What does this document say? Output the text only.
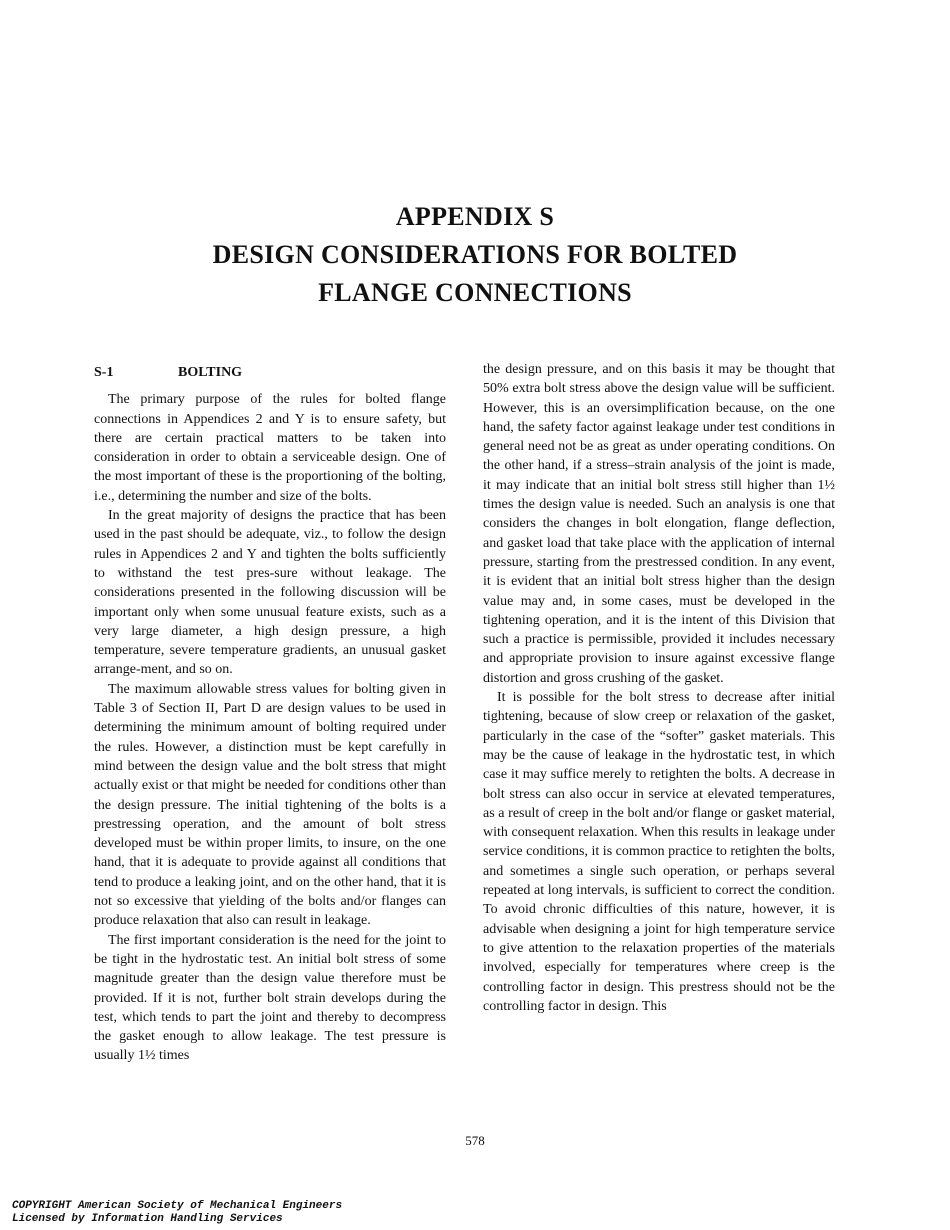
APPENDIX S
DESIGN CONSIDERATIONS FOR BOLTED
FLANGE CONNECTIONS
S-1	BOLTING

The primary purpose of the rules for bolted flange connections in Appendices 2 and Y is to ensure safety, but there are certain practical matters to be taken into consideration in order to obtain a serviceable design. One of the most important of these is the proportioning of the bolting, i.e., determining the number and size of the bolts.

In the great majority of designs the practice that has been used in the past should be adequate, viz., to follow the design rules in Appendices 2 and Y and tighten the bolts sufficiently to withstand the test pres-sure without leakage. The considerations presented in the following discussion will be important only when some unusual feature exists, such as a very large diameter, a high design pressure, a high temperature, severe temperature gradients, an unusual gasket arrange-ment, and so on.

The maximum allowable stress values for bolting given in Table 3 of Section II, Part D are design values to be used in determining the minimum amount of bolting required under the rules. However, a distinction must be kept carefully in mind between the design value and the bolt stress that might actually exist or that might be needed for conditions other than the design pressure. The initial tightening of the bolts is a prestressing operation, and the amount of bolt stress developed must be within proper limits, to insure, on the one hand, that it is adequate to provide against all conditions that tend to produce a leaking joint, and on the other hand, that it is not so excessive that yielding of the bolts and/or flanges can produce relaxation that also can result in leakage.

The first important consideration is the need for the joint to be tight in the hydrostatic test. An initial bolt stress of some magnitude greater than the design value therefore must be provided. If it is not, further bolt strain develops during the test, which tends to part the joint and thereby to decompress the gasket enough to allow leakage. The test pressure is usually 1½ times

the design pressure, and on this basis it may be thought that 50% extra bolt stress above the design value will be sufficient. However, this is an oversimplification because, on the one hand, the safety factor against leakage under test conditions in general need not be as great as under operating conditions. On the other hand, if a stress–strain analysis of the joint is made, it may indicate that an initial bolt stress still higher than 1½ times the design value is needed. Such an analysis is one that considers the changes in bolt elongation, flange deflection, and gasket load that take place with the application of internal pressure, starting from the prestressed condition. In any event, it is evident that an initial bolt stress higher than the design value may and, in some cases, must be developed in the tightening operation, and it is the intent of this Division that such a practice is permissible, provided it includes necessary and appropriate provision to insure against excessive flange distortion and gross crushing of the gasket.

It is possible for the bolt stress to decrease after initial tightening, because of slow creep or relaxation of the gasket, particularly in the case of the “softer” gasket materials. This may be the cause of leakage in the hydrostatic test, in which case it may suffice merely to retighten the bolts. A decrease in bolt stress can also occur in service at elevated temperatures, as a result of creep in the bolt and/or flange or gasket material, with consequent relaxation. When this results in leakage under service conditions, it is common practice to retighten the bolts, and sometimes a single such operation, or perhaps several repeated at long intervals, is sufficient to correct the condition. To avoid chronic difficulties of this nature, however, it is advisable when designing a joint for high temperature service to give attention to the relaxation properties of the materials involved, especially for temperatures where creep is the controlling factor in design. This prestress should not be the controlling factor in design. This

578
COPYRIGHT American Society of Mechanical Engineers
Licensed by Information Handling Services
